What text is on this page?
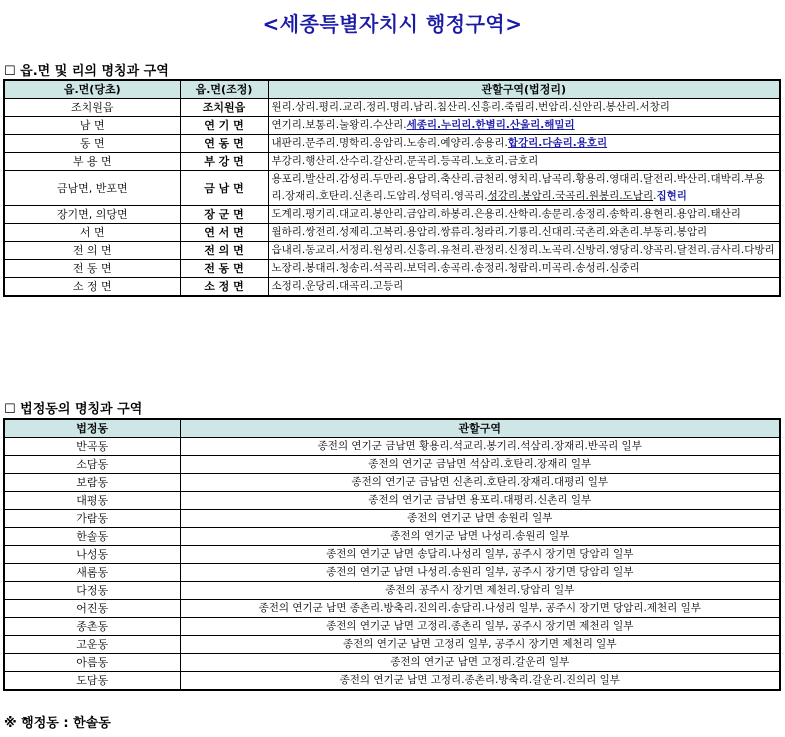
<세종특별자치시 행정구역>
☐ 읍.면 및 리의 명칭과 구역
읍.면(당초)	읍.면(조정)	관할구역(법정리)
조치원읍	조치원읍	원리.상리.평리.교리.정리.명리.남리.침산리.신흥리.죽림리.번암리.신안리.봉산리.서창리
남 면	연 기 면	연기리.보통리.눌왕리.수산리.세종리.누리리.한별리.산울리.해밀리
동 면	연 동 면	내판리.문주리.명학리.응암리.노송리.예양리.송용리.합강리.다솜리.용호리
부 용 면	부 강 면	부강리.행산리.산수리.갈산리.문곡리.등곡리.노호리.금호리
금남면, 반포면	금 남 면	용포리.발산리.감성리.두만리.용담리.축산리.금천리.영치리.남곡리.황용리.영대리.달전리.박산리.대박리.부용리.장재리.호탄리.신촌리.도암리.성덕리.영곡리.성강리.봉암리.국곡리.원봉리.도남리.집현리
장기면, 의당면	장 군 면	도계리.평기리.대교리.봉안리.금암리.하봉리.은용리.산학리.송문리.송정리.송학리.용현리.용암리.태산리
서 면	연 서 면	월하리.쌍전리.성제리.고복리.용암리.쌍류리.청라리.기룡리.신대리.국촌리.와촌리.부동리.봉암리
전 의 면	전 의 면	읍내리.동교리.서정리.원성리.신흥리.유천리.관정리.신정리.노곡리.신방리.영당리.양곡리.달전리.금사리.다방리
전 동 면	전 동 면	노장리.봉대리.청송리.석곡리.보덕리.송곡리.송정리.청람리.미곡리.송성리.심중리
소 정 면	소 정 면	소정리.운당리.대곡리.고등리
☐ 법정동의 명칭과 구역
법정동	관할구역
반곡동	종전의 연기군 금남면 황용리.석교리.봉기리.석삼리.장재리.반곡리 일부
소담동	종전의 연기군 금남면 석삼리.호탄리.장재리 일부
보람동	종전의 연기군 금남면 신촌리.호탄리.장재리.대평리 일부
대평동	종전의 연기군 금남면 용포리.대평리.신촌리 일부
가람동	종전의 연기군 남면 송원리 일부
한솔동	종전의 연기군 남면 나성리.송원리 일부
나성동	종전의 연기군 남면 송담리.나성리 일부, 공주시 장기면 당암리 일부
새롬동	종전의 연기군 남면 나성리.송원리 일부, 공주시 장기면 당암리 일부
다정동	종전의 공주시 장기면 제천리.당암리 일부
어진동	종전의 연기군 남면 종촌리.방축리.진의리.송담리.나성리 일부, 공주시 장기면 당암리.제천리 일부
종촌동	종전의 연기군 남면 고정리.종촌리 일부, 공주시 장기면 제천리 일부
고운동	종전의 연기군 남면 고정리 일부, 공주시 장기면 제천리 일부
아름동	종전의 연기군 남면 고정리.갈운리 일부
도담동	종전의 연기군 남면 고정리.종촌리.방축리.갈운리.진의리 일부
※ 행정동 : 한솔동
